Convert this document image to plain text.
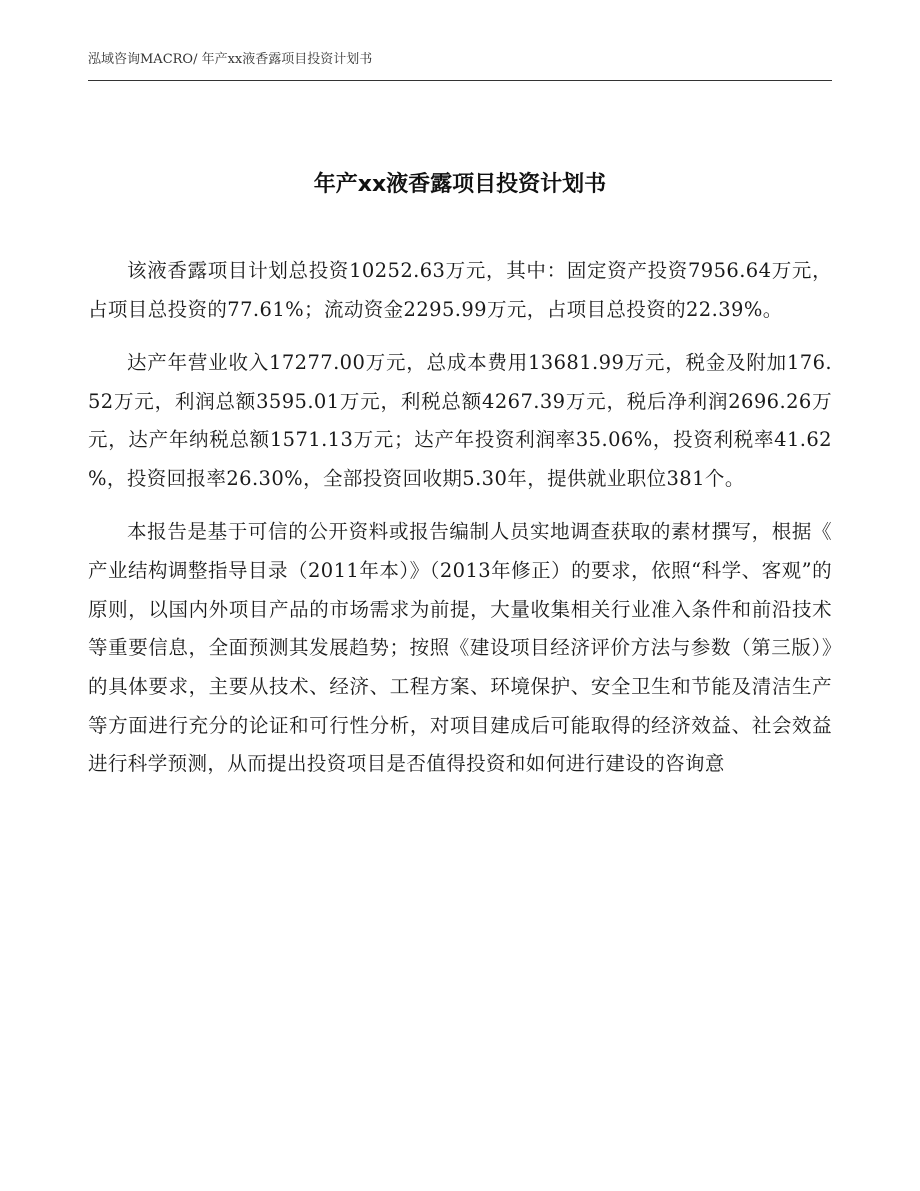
泓域咨询MACRO/ 年产xx液香露项目投资计划书
年产xx液香露项目投资计划书

该液香露项目计划总投资10252.63万元，其中：固定资产投资7956.64万元，占项目总投资的77.61%；流动资金2295.99万元，占项目总投资的22.39%。

达产年营业收入17277.00万元，总成本费用13681.99万元，税金及附加176.52万元，利润总额3595.01万元，利税总额4267.39万元，税后净利润2696.26万元，达产年纳税总额1571.13万元；达产年投资利润率35.06%，投资利税率41.62%，投资回报率26.30%，全部投资回收期5.30年，提供就业职位381个。

本报告是基于可信的公开资料或报告编制人员实地调查获取的素材撰写，根据《产业结构调整指导目录（2011年本）》（2013年修正）的要求，依照“科学、客观”的原则，以国内外项目产品的市场需求为前提，大量收集相关行业准入条件和前沿技术等重要信息，全面预测其发展趋势；按照《建设项目经济评价方法与参数（第三版）》的具体要求，主要从技术、经济、工程方案、环境保护、安全卫生和节能及清洁生产等方面进行充分的论证和可行性分析，对项目建成后可能取得的经济效益、社会效益进行科学预测，从而提出投资项目是否值得投资和如何进行建设的咨询意
